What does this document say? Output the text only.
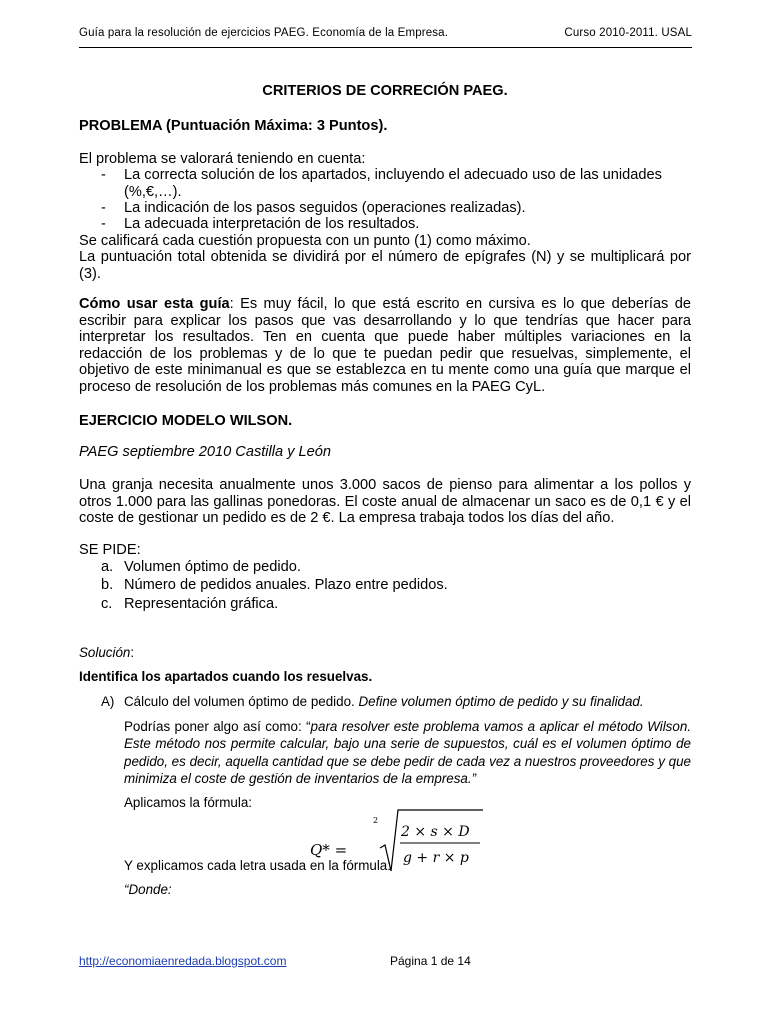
Guía para la resolución de ejercicios PAEG. Economía de la Empresa.	Curso 2010-2011. USAL
CRITERIOS DE CORRECIÓN PAEG.
PROBLEMA (Puntuación Máxima: 3 Puntos).
El problema se valorará teniendo en cuenta:
- La correcta solución de los apartados, incluyendo el adecuado uso de las unidades
(%,€,…).
- La indicación de los pasos seguidos (operaciones realizadas).
- La adecuada interpretación de los resultados.
Se calificará cada cuestión propuesta con un punto (1) como máximo.
La puntuación total obtenida se dividirá por el número de epígrafes (N) y se multiplicará por (3).
Cómo usar esta guía: Es muy fácil, lo que está escrito en cursiva es lo que deberías de escribir para explicar los pasos que vas desarrollando y lo que tendrías que hacer para interpretar los resultados. Ten en cuenta que puede haber múltiples variaciones en la redacción de los problemas y de lo que te puedan pedir que resuelvas, simplemente, el objetivo de este minimanual es que se establezca en tu mente como una guía que marque el proceso de resolución de los problemas más comunes en la PAEG CyL.
EJERCICIO MODELO WILSON.
PAEG septiembre 2010 Castilla y León
Una granja necesita anualmente unos 3.000 sacos de pienso para alimentar a los pollos y otros 1.000 para las gallinas ponedoras. El coste anual de almacenar un saco es de 0,1 € y el coste de gestionar un pedido es de 2 €. La empresa trabaja todos los días del año.
SE PIDE:
a. Volumen óptimo de pedido.
b. Número de pedidos anuales. Plazo entre pedidos.
c. Representación gráfica.
Solución:
Identifica los apartados cuando los resuelvas.
A) Cálculo del volumen óptimo de pedido. Define volumen óptimo de pedido y su finalidad.
Podrías poner algo así como: “para resolver este problema vamos a aplicar el método Wilson. Este método nos permite calcular, bajo una serie de supuestos, cuál es el volumen óptimo de pedido, es decir, aquella cantidad que se debe pedir de cada vez a nuestros proveedores y que minimiza el coste de gestión de inventarios de la empresa.”
Aplicamos la fórmula:
Y explicamos cada letra usada en la fórmula:
“Donde:
Q* =
2
2 × s × D
g + r × p
http://economiaenredada.blogspot.com	Página 1 de 14
